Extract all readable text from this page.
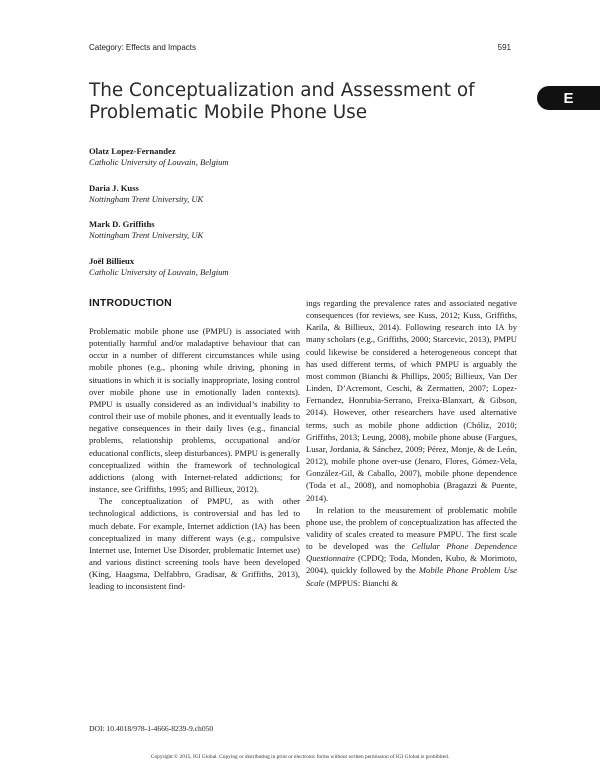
Category: Effects and Impacts	591
E
The Conceptualization and Assessment of Problematic Mobile Phone Use
Olatz Lopez-Fernandez
Catholic University of Louvain, Belgium
Daria J. Kuss
Nottingham Trent University, UK
Mark D. Griffiths
Nottingham Trent University, UK
Joël Billieux
Catholic University of Louvain, Belgium
INTRODUCTION

Problematic mobile phone use (PMPU) is associated with potentially harmful and/or maladaptive behaviour that can occur in a number of different circumstances while using mobile phones (e.g., phoning while driving, phoning in situations in which it is socially inappropriate, losing control over mobile phone use in emotionally laden contexts). PMPU is usually considered as an individual’s inability to control their use of mobile phones, and it eventually leads to negative consequences in their daily lives (e.g., financial problems, relationship problems, occupational and/or educational conflicts, sleep disturbances). PMPU is generally conceptualized within the framework of technological addictions (along with Internet-related addictions; for instance, see Griffiths, 1995; and Billieux, 2012).

The conceptualization of PMPU, as with other technological addictions, is controversial and has led to much debate. For example, Internet addiction (IA) has been conceptualized in many different ways (e.g., compulsive Internet use, Internet Use Disorder, problematic Internet use) and various distinct screening tools have been developed (King, Haagsma, Delfabbro, Gradisar, & Griffiths, 2013), leading to inconsistent find-

ings regarding the prevalence rates and associated negative consequences (for reviews, see Kuss, 2012; Kuss, Griffiths, Karila, & Billieux, 2014). Following research into IA by many scholars (e.g., Griffiths, 2000; Starcevic, 2013), PMPU could likewise be considered a heterogeneous concept that has used different terms, of which PMPU is arguably the most common (Bianchi & Phillips, 2005; Billieux, Van Der Linden, D’Acremont, Ceschi, & Zermatten, 2007; Lopez-Fernandez, Honrubia-Serrano, Freixa-Blanxart, & Gibson, 2014). However, other researchers have used alternative terms, such as mobile phone addiction (Chóliz, 2010; Griffiths, 2013; Leung, 2008), mobile phone abuse (Fargues, Lusar, Jordania, & Sánchez, 2009; Pérez, Monje, & de León, 2012), mobile phone over-use (Jenaro, Flores, Gómez-Vela, González-Gil, & Caballo, 2007), mobile phone dependence (Toda et al., 2008), and nomophobia (Bragazzi & Puente, 2014).

In relation to the measurement of problematic mobile phone use, the problem of conceptualization has affected the validity of scales created to measure PMPU. The first scale to be developed was the Cellular Phone Dependence Questionnaire (CPDQ; Toda, Monden, Kubo, & Morimoto, 2004), quickly followed by the Mobile Phone Problem Use Scale (MPPUS: Bianchi &

DOI: 10.4018/978-1-4666-8239-9.ch050
Copyright © 2015, IGI Global. Copying or distributing in print or electronic forms without written permission of IGI Global is prohibited.
